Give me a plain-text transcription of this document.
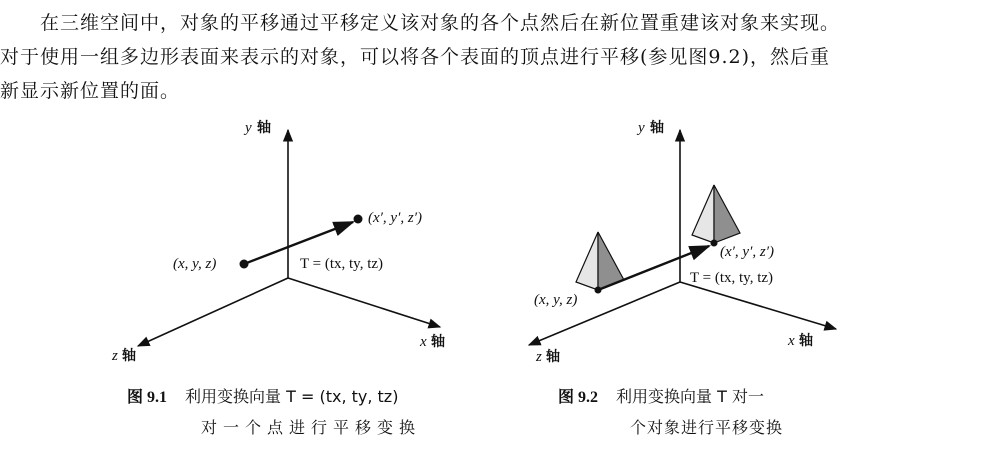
在三维空间中，对象的平移通过平移定义该对象的各个点然后在新位置重建该对象来实现。
对于使用一组多边形表面来表示的对象，可以将各个表面的顶点进行平移(参见图9.2)，然后重
新显示新位置的面。
y 轴
x 轴
z 轴
(x, y, z)
(x′, y′, z′)
T = (tx, ty, tz)
y 轴
x 轴
z 轴
(x, y, z)
(x′, y′, z′)
T = (tx, ty, tz)
图 9.1 利用变换向量 T = (tx, ty, tz)
对一个点进行平移变换
图 9.2 利用变换向量 T 对一
个对象进行平移变换
